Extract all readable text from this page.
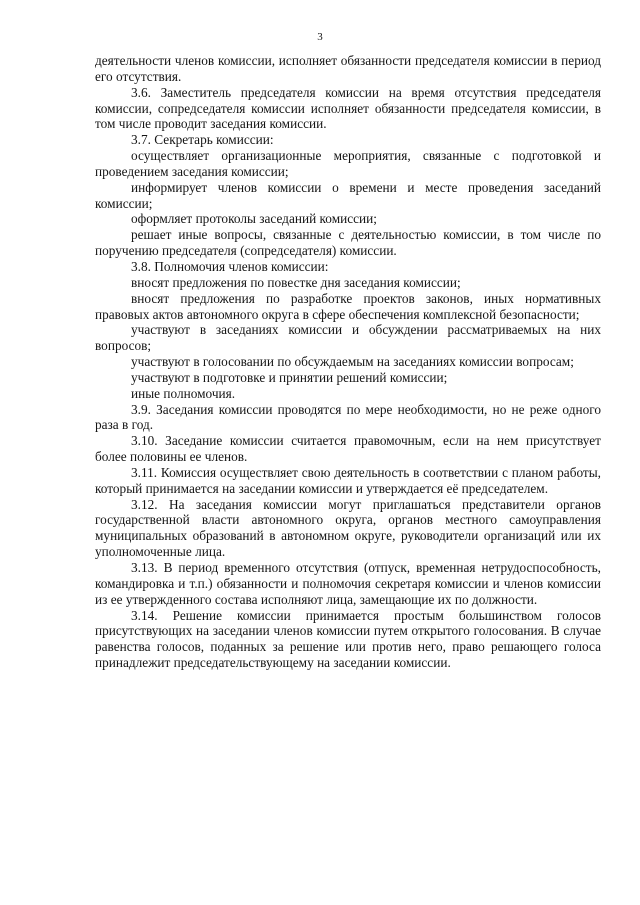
3

деятельности членов комиссии, исполняет обязанности председателя комиссии в период его отсутствия.

3.6. Заместитель председателя комиссии на время отсутствия председателя комиссии, сопредседателя комиссии исполняет обязанности председателя комиссии, в том числе проводит заседания комиссии.

3.7. Секретарь комиссии:

осуществляет организационные мероприятия, связанные с подготовкой и проведением заседания комиссии;

информирует членов комиссии о времени и месте проведения заседаний комиссии;

оформляет протоколы заседаний комиссии;

решает иные вопросы, связанные с деятельностью комиссии, в том числе по поручению председателя (сопредседателя) комиссии.

3.8. Полномочия членов комиссии:

вносят предложения по повестке дня заседания комиссии;

вносят предложения по разработке проектов законов, иных нормативных правовых актов автономного округа в сфере обеспечения комплексной безопасности;

участвуют в заседаниях комиссии и обсуждении рассматриваемых на них вопросов;

участвуют в голосовании по обсуждаемым на заседаниях комиссии вопросам;

участвуют в подготовке и принятии решений комиссии;

иные полномочия.

3.9. Заседания комиссии проводятся по мере необходимости, но не реже одного раза в год.

3.10. Заседание комиссии считается правомочным, если на нем присутствует более половины ее членов.

3.11. Комиссия осуществляет свою деятельность в соответствии с планом работы, который принимается на заседании комиссии и утверждается её председателем.

3.12. На заседания комиссии могут приглашаться представители органов государственной власти автономного округа, органов местного самоуправления муниципальных образований в автономном округе, руководители организаций или их уполномоченные лица.

3.13. В период временного отсутствия (отпуск, временная нетрудоспособность, командировка и т.п.) обязанности и полномочия секретаря комиссии и членов комиссии из ее утвержденного состава исполняют лица, замещающие их по должности.

3.14. Решение комиссии принимается простым большинством голосов присутствующих на заседании членов комиссии путем открытого голосования. В случае равенства голосов, поданных за решение или против него, право решающего голоса принадлежит председательствующему на заседании комиссии.
